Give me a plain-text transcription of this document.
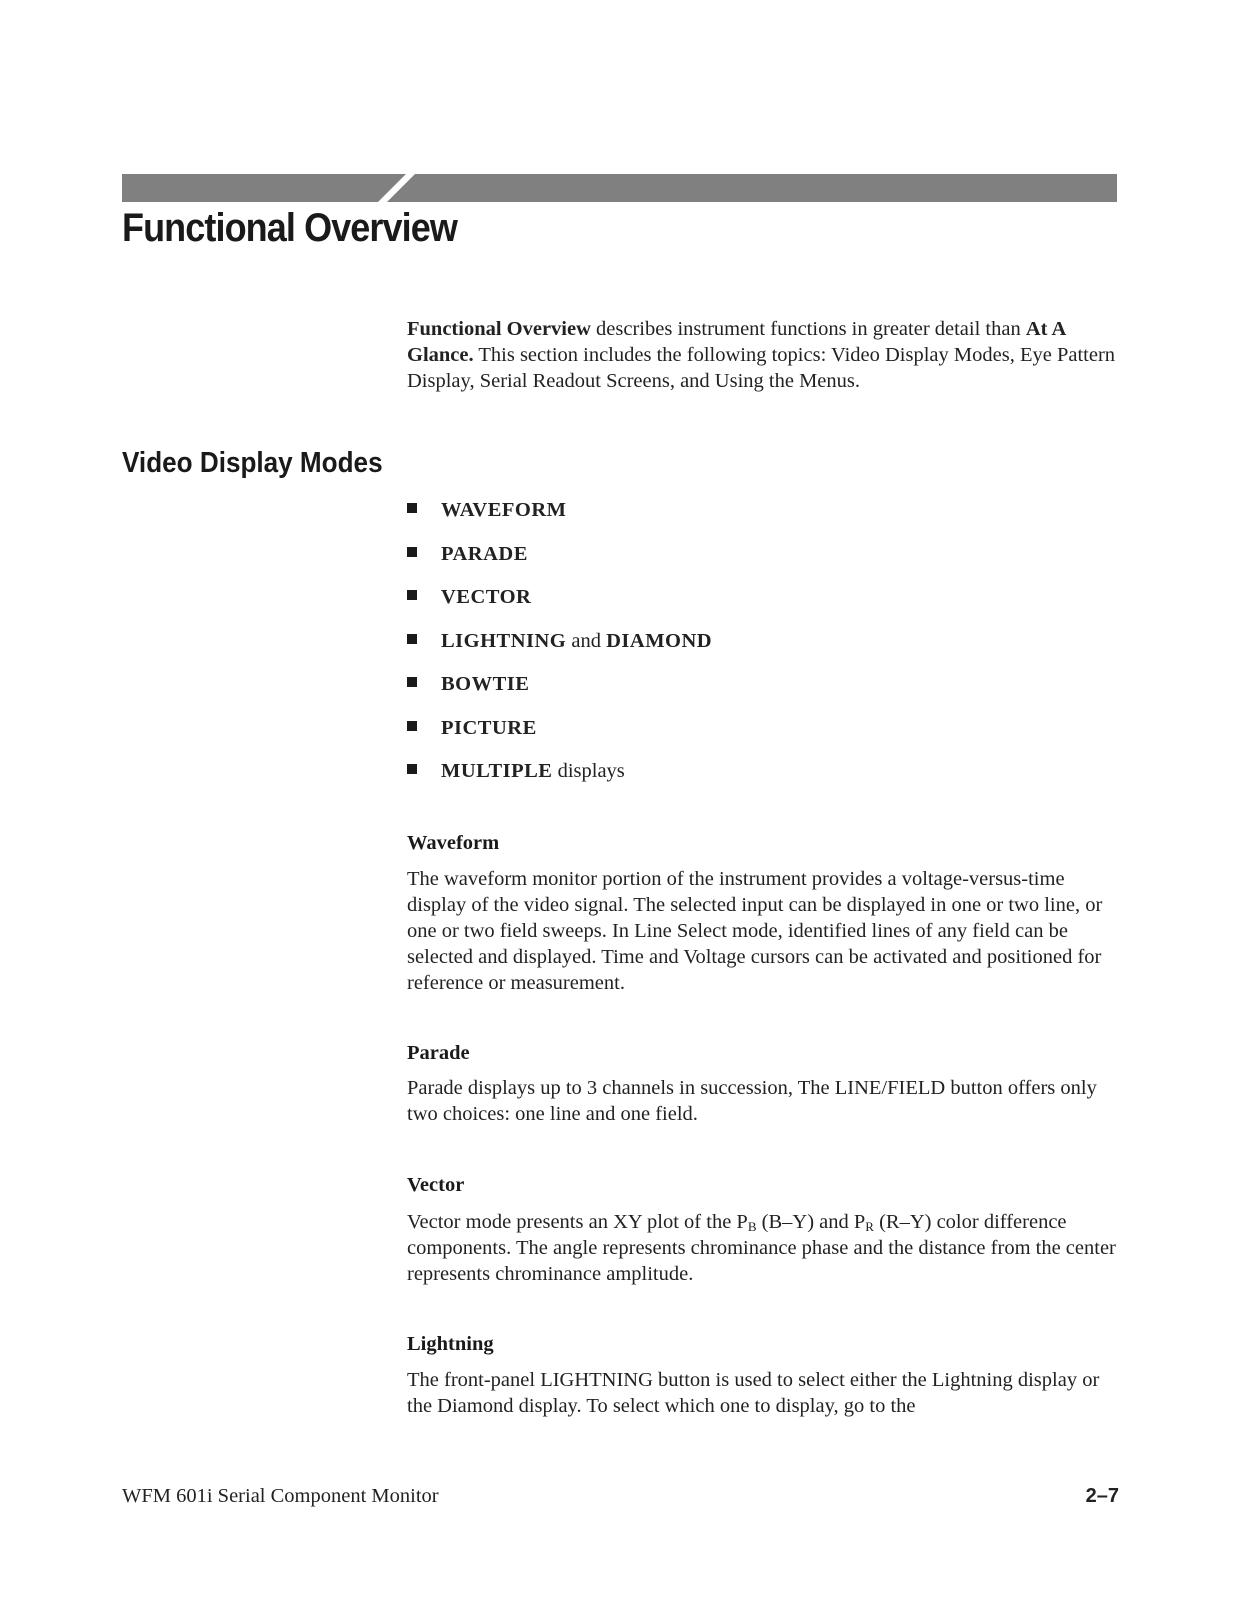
Functional Overview

Functional Overview describes instrument functions in greater detail than At A Glance. This section includes the following topics: Video Display Modes, Eye Pattern Display, Serial Readout Screens, and Using the Menus.

Video Display Modes
WAVEFORM
PARADE
VECTOR
LIGHTNING and DIAMOND
BOWTIE
PICTURE
MULTIPLE displays
Waveform

The waveform monitor portion of the instrument provides a voltage-versus-time display of the video signal. The selected input can be displayed in one or two line, or one or two field sweeps. In Line Select mode, identified lines of any field can be selected and displayed. Time and Voltage cursors can be activated and positioned for reference or measurement.

Parade

Parade displays up to 3 channels in succession, The LINE/FIELD button offers only two choices: one line and one field.

Vector

Vector mode presents an XY plot of the $P_B$ (B–Y) and $P_R$ (R–Y) color difference components. The angle represents chrominance phase and the distance from the center represents chrominance amplitude.

Lightning

The front-panel LIGHTNING button is used to select either the Lightning display or the Diamond display. To select which one to display, go to the

WFM 601i Serial Component Monitor	2–7
